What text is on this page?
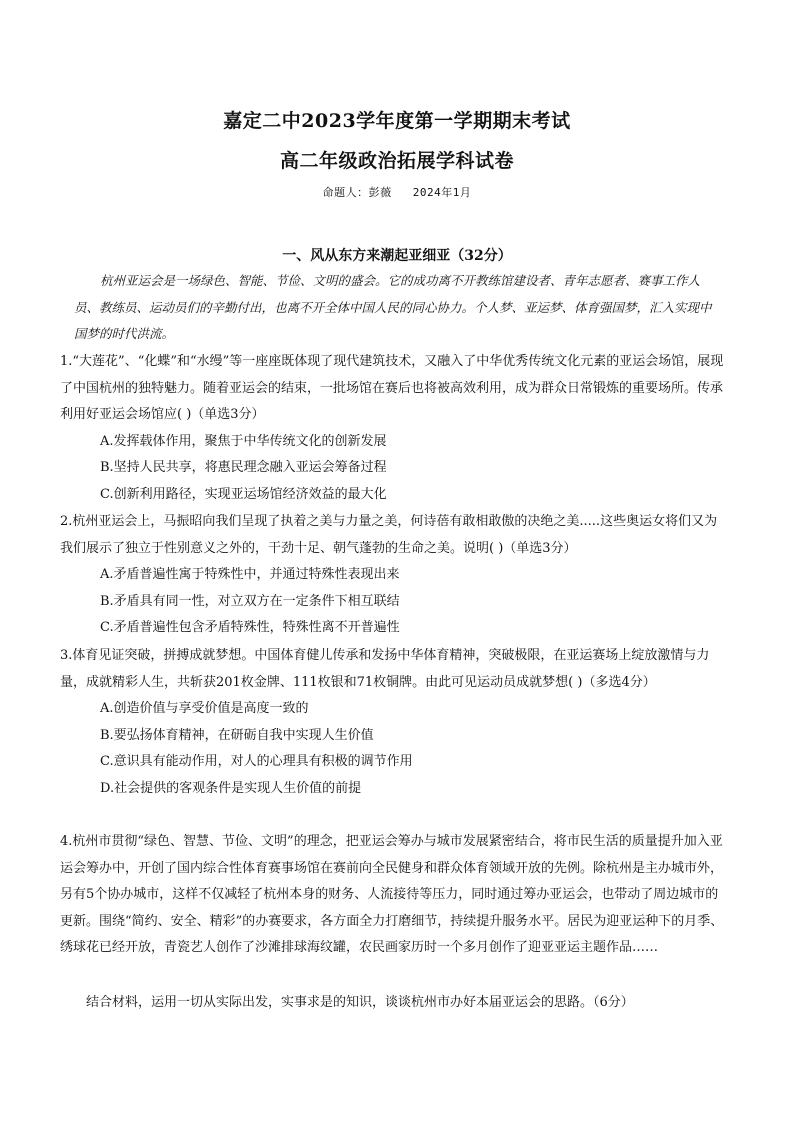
嘉定二中2023学年度第一学期期末考试
高二年级政治拓展学科试卷
命题人：彭薇 2024年1月
一、风从东方来潮起亚细亚（32分）
杭州亚运会是一场绿色、智能、节俭、文明的盛会。它的成功离不开教练馆建设者、青年志愿者、赛事工作人员、教练员、运动员们的辛勤付出，也离不开全体中国人民的同心协力。个人梦、亚运梦、体育强国梦，汇入实现中国梦的时代洪流。

1.“大莲花”、“化蝶”和“水缦”等一座座既体现了现代建筑技术，又融入了中华优秀传统文化元素的亚运会场馆，展现了中国杭州的独特魅力。随着亚运会的结束，一批场馆在赛后也将被高效利用，成为群众日常锻炼的重要场所。传承利用好亚运会场馆应( )（单选3分）

A.发挥载体作用，聚焦于中华传统文化的创新发展

B.坚持人民共享，将惠民理念融入亚运会筹备过程

C.创新利用路径，实现亚运场馆经济效益的最大化

2.杭州亚运会上，马振昭向我们呈现了执着之美与力量之美，何诗蓓有敢相敢傲的决绝之美.....这些奥运女将们又为我们展示了独立于性别意义之外的，干劲十足、朝气蓬勃的生命之美。说明( )（单选3分）

A.矛盾普遍性寓于特殊性中，并通过特殊性表现出来

B.矛盾具有同一性，对立双方在一定条件下相互联结

C.矛盾普遍性包含矛盾特殊性，特殊性离不开普遍性

3.体育见证突破，拼搏成就梦想。中国体育健儿传承和发扬中华体育精神，突破极限，在亚运赛场上绽放激情与力量，成就精彩人生，共斩获201枚金牌、111枚银和71枚铜牌。由此可见运动员成就梦想( )（多选4分）

A.创造价值与享受价值是高度一致的

B.要弘扬体育精神，在研砺自我中实现人生价值

C.意识具有能动作用，对人的心理具有积极的调节作用

D.社会提供的客观条件是实现人生价值的前提

4.杭州市贯彻“绿色、智慧、节俭、文明”的理念，把亚运会筹办与城市发展紧密结合，将市民生活的质量提升加入亚运会筹办中，开创了国内综合性体育赛事场馆在赛前向全民健身和群众体育领域开放的先例。除杭州是主办城市外，另有5个协办城市，这样不仅减轻了杭州本身的财务、人流接待等压力，同时通过筹办亚运会，也带动了周边城市的更新。围绕“简约、安全、精彩”的办赛要求，各方面全力打磨细节，持续提升服务水平。居民为迎亚运种下的月季、绣球花已经开放，青瓷艺人创作了沙滩排球海纹罐，农民画家历时一个多月创作了迎亚亚运主题作品……

结合材料，运用一切从实际出发，实事求是的知识，谈谈杭州市办好本届亚运会的思路。（6分）
